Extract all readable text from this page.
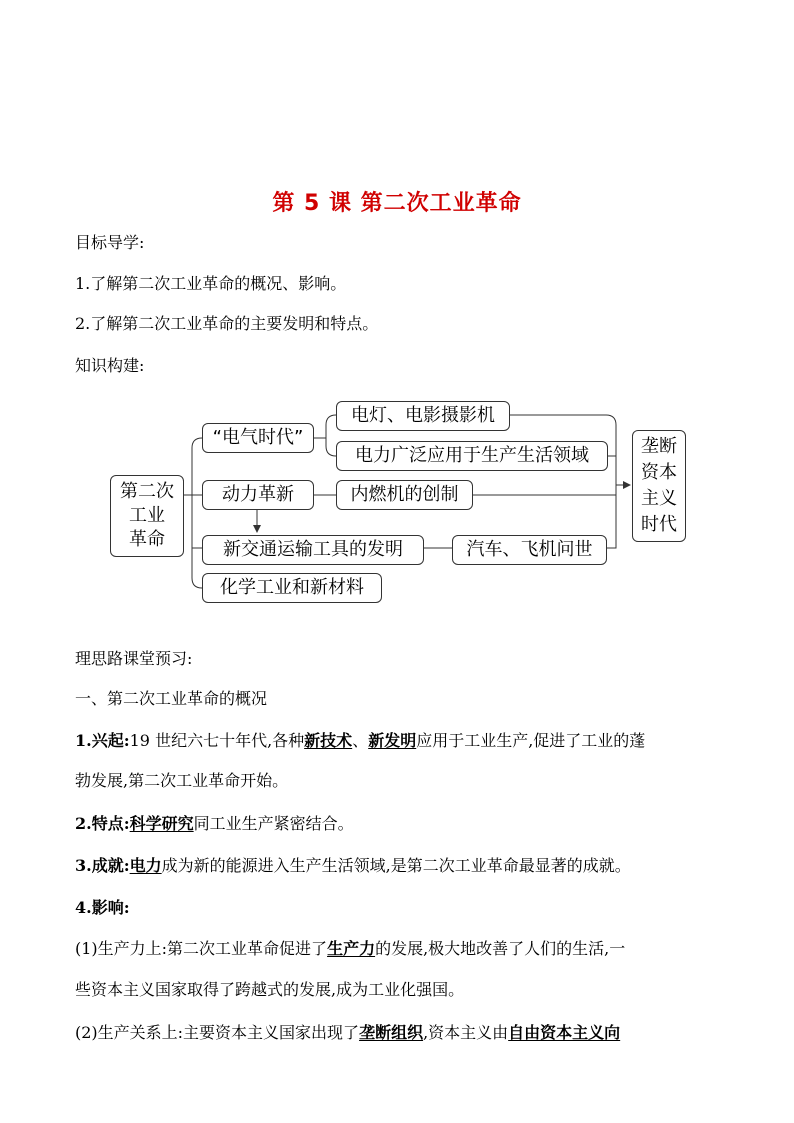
第 5 课 第二次工业革命
目标导学:
1.了解第二次工业革命的概况、影响。
2.了解第二次工业革命的主要发明和特点。
知识构建:
第二次
工业
革命
“电气时代”
动力革新
新交通运输工具的发明
化学工业和新材料
电灯、电影摄影机
电力广泛应用于生产生活领域
内燃机的创制
汽车、飞机问世
垄断
资本
主义
时代
理思路课堂预习:
一、第二次工业革命的概况
1.兴起:19 世纪六七十年代,各种新技术、新发明应用于工业生产,促进了工业的蓬
勃发展,第二次工业革命开始。
2.特点:科学研究同工业生产紧密结合。
3.成就:电力成为新的能源进入生产生活领域,是第二次工业革命最显著的成就。
4.影响:
(1)生产力上:第二次工业革命促进了生产力的发展,极大地改善了人们的生活,一
些资本主义国家取得了跨越式的发展,成为工业化强国。
(2)生产关系上:主要资本主义国家出现了垄断组织,资本主义由自由资本主义向
